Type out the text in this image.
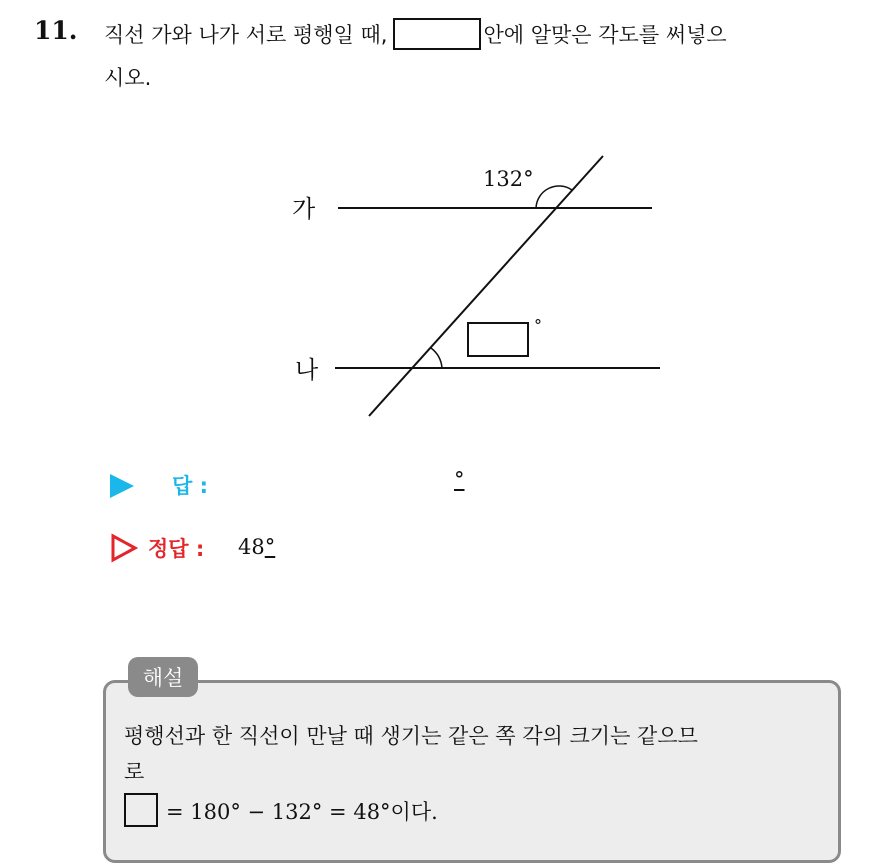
11. 직선 가와 나가 서로 평행일 때,	안에 알맞은 각도를 써넣으
시오.
가
나
132°
°
답 :	°
정답 : 48°
해설
평행선과 한 직선이 만날 때 생기는 같은 쪽 각의 크기는 같으므
로
= 180° − 132° = 48°이다.
